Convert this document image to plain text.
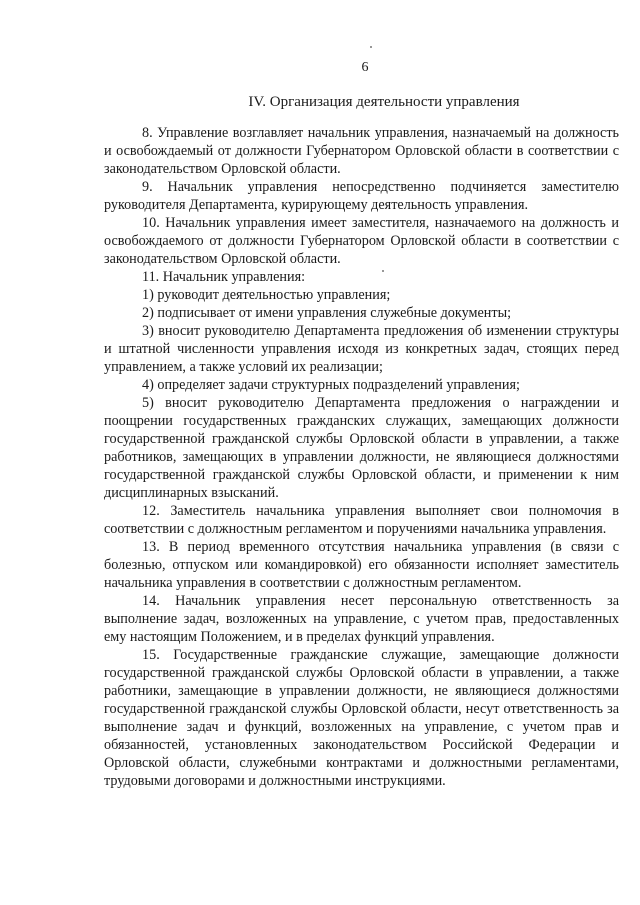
6
IV. Организация деятельности управления

8. Управление возглавляет начальник управления, назначаемый на должность и освобождаемый от должности Губернатором Орловской области в соответствии с законодательством Орловской области.

9. Начальник управления непосредственно подчиняется заместителю руководителя Департамента, курирующему деятельность управления.

10. Начальник управления имеет заместителя, назначаемого на должность и освобождаемого от должности Губернатором Орловской области в соответствии с законодательством Орловской области.

11. Начальник управления:

1) руководит деятельностью управления;

2) подписывает от имени управления служебные документы;

3) вносит руководителю Департамента предложения об изменении структуры и штатной численности управления исходя из конкретных задач, стоящих перед управлением, а также условий их реализации;

4) определяет задачи структурных подразделений управления;

5) вносит руководителю Департамента предложения о награждении и поощрении государственных гражданских служащих, замещающих должности государственной гражданской службы Орловской области в управлении, а также работников, замещающих в управлении должности, не являющиеся должностями государственной гражданской службы Орловской области, и применении к ним дисциплинарных взысканий.

12. Заместитель начальника управления выполняет свои полномочия в соответствии с должностным регламентом и поручениями начальника управления.

13. В период временного отсутствия начальника управления (в связи с болезнью, отпуском или командировкой) его обязанности исполняет заместитель начальника управления в соответствии с должностным регламентом.

14. Начальник управления несет персональную ответственность за выполнение задач, возложенных на управление, с учетом прав, предоставленных ему настоящим Положением, и в пределах функций управления.

15. Государственные гражданские служащие, замещающие должности государственной гражданской службы Орловской области в управлении, а также работники, замещающие в управлении должности, не являющиеся должностями государственной гражданской службы Орловской области, несут ответственность за выполнение задач и функций, возложенных на управление, с учетом прав и обязанностей, установленных законодательством Российской Федерации и Орловской области, служебными контрактами и должностными регламентами, трудовыми договорами и должностными инструкциями.
